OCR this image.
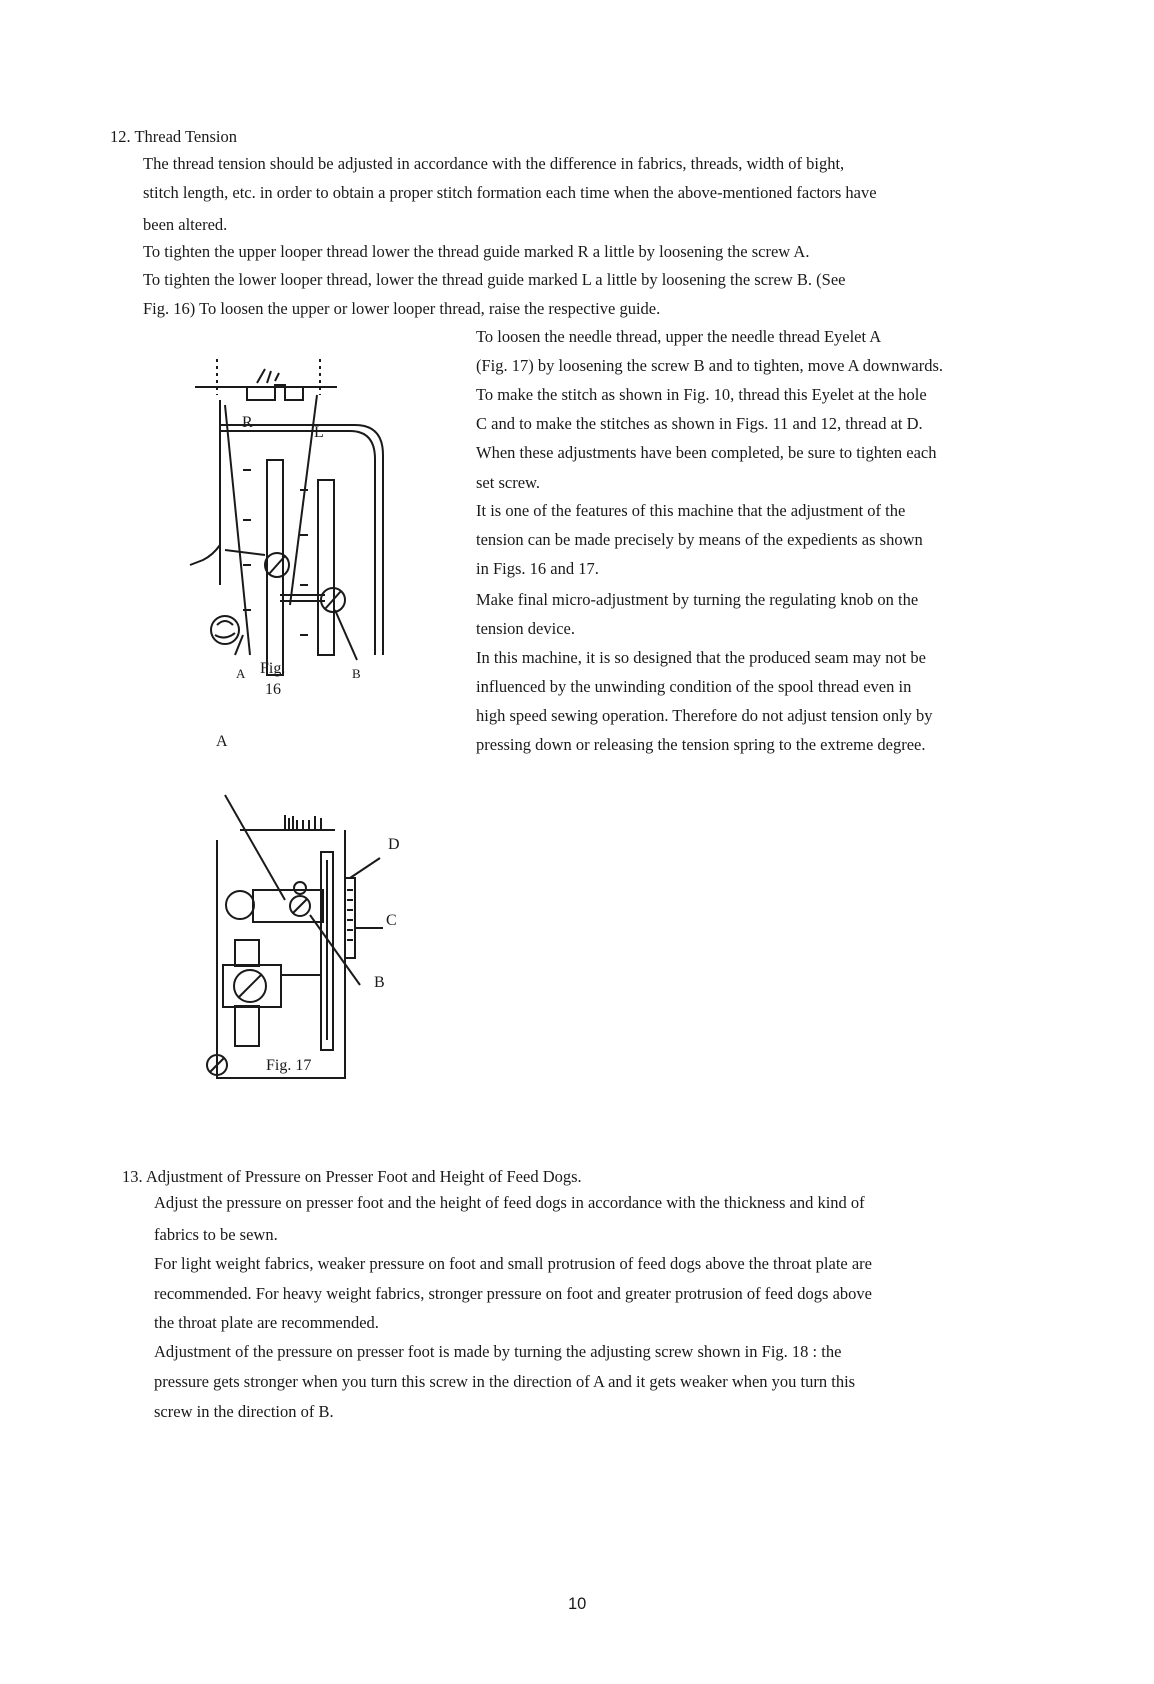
12. Thread Tension
The thread tension should be adjusted in accordance with the difference in fabrics, threads, width of bight,
stitch length, etc. in order to obtain a proper stitch formation each time when the above-mentioned factors have
been altered.
To tighten the upper looper thread lower the thread guide marked R a little by loosening the screw A.
To tighten the lower looper thread, lower the thread guide marked L a little by loosening the screw B. (See
Fig. 16) To loosen the upper or lower looper thread, raise the respective guide.
To loosen the needle thread, upper the needle thread Eyelet A
(Fig. 17) by loosening the screw B and to tighten, move A downwards.
To make the stitch as shown in Fig. 10, thread this Eyelet at the hole
C and to make the stitches as shown in Figs. 11 and 12, thread at D.
When these adjustments have been completed, be sure to tighten each
set screw.
It is one of the features of this machine that the adjustment of the
tension can be made precisely by means of the expedients as shown
in Figs. 16 and 17.
Make final micro-adjustment by turning the regulating knob on the
tension device.
In this machine, it is so designed that the produced seam may not be
influenced by the unwinding condition of the spool thread even in
high speed sewing operation. Therefore do not adjust tension only by
pressing down or releasing the tension spring to the extreme degree.
R
L
A	B
Fig.
16
A
D
C
B
Fig. 17
13. Adjustment of Pressure on Presser Foot and Height of Feed Dogs.
Adjust the pressure on presser foot and the height of feed dogs in accordance with the thickness and kind of
fabrics to be sewn.
For light weight fabrics, weaker pressure on foot and small protrusion of feed dogs above the throat plate are
recommended. For heavy weight fabrics, stronger pressure on foot and greater protrusion of feed dogs above
the throat plate are recommended.
Adjustment of the pressure on presser foot is made by turning the adjusting screw shown in Fig. 18 : the
pressure gets stronger when you turn this screw in the direction of A and it gets weaker when you turn this
screw in the direction of B.
10
